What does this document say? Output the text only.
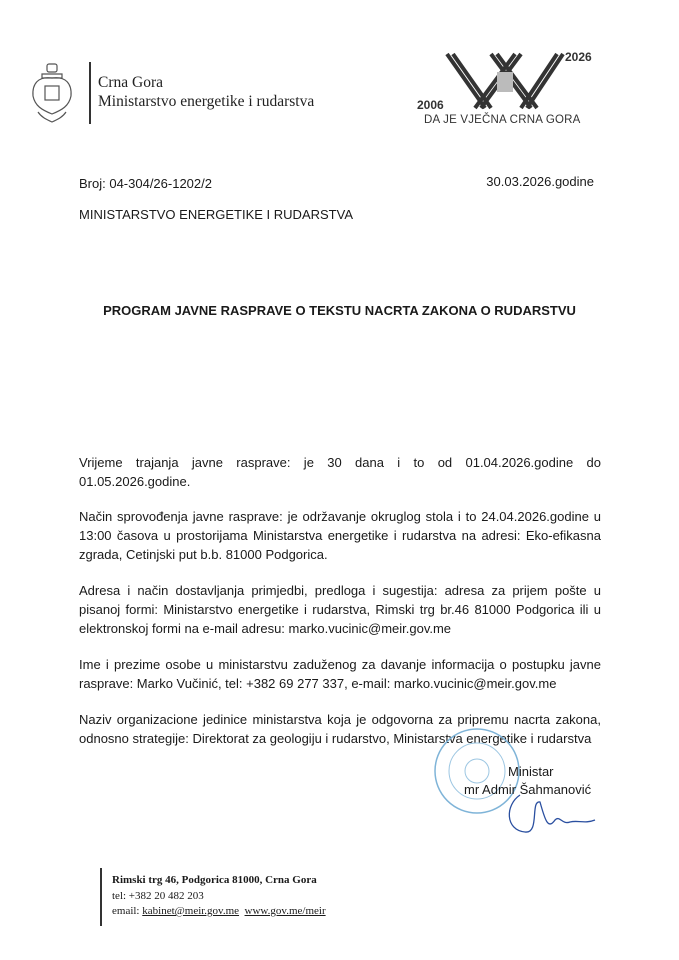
Crna Gora
Ministarstvo energetike i rudarstva
2026
2006
DA JE VJEČNA CRNA GORA
Broj: 04-304/26-1202/2	30.03.2026.godine
MINISTARSTVO ENERGETIKE I RUDARSTVA
PROGRAM JAVNE RASPRAVE O TEKSTU NACRTA ZAKONA O RUDARSTVU

Vrijeme trajanja javne rasprave: je 30 dana i to od 01.04.2026.godine do 01.05.2026.godine.

Način sprovođenja javne rasprave: je održavanje okruglog stola i to 24.04.2026.godine u 13:00 časova u prostorijama Ministarstva energetike i rudarstva na adresi: Eko-efikasna zgrada, Cetinjski put b.b. 81000 Podgorica.

Adresa i način dostavljanja primjedbi, predloga i sugestija: adresa za prijem pošte u pisanoj formi: Ministarstvo energetike i rudarstva, Rimski trg br.46 81000 Podgorica ili u elektronskoj formi na e-mail adresu: marko.vucinic@meir.gov.me

Ime i prezime osobe u ministarstvu zaduženog za davanje informacija o postupku javne rasprave: Marko Vučinić, tel: +382 69 277 337, e-mail: marko.vucinic@meir.gov.me

Naziv organizacione jedinice ministarstva koja je odgovorna za pripremu nacrta zakona, odnosno strategije: Direktorat za geologiju i rudarstvo, Ministarstva energetike i rudarstva

Ministar
mr Admir Šahmanović
Rimski trg 46, Podgorica 81000, Crna Gora
tel: +382 20 482 203
email: kabinet@meir.gov.me www.gov.me/meir
